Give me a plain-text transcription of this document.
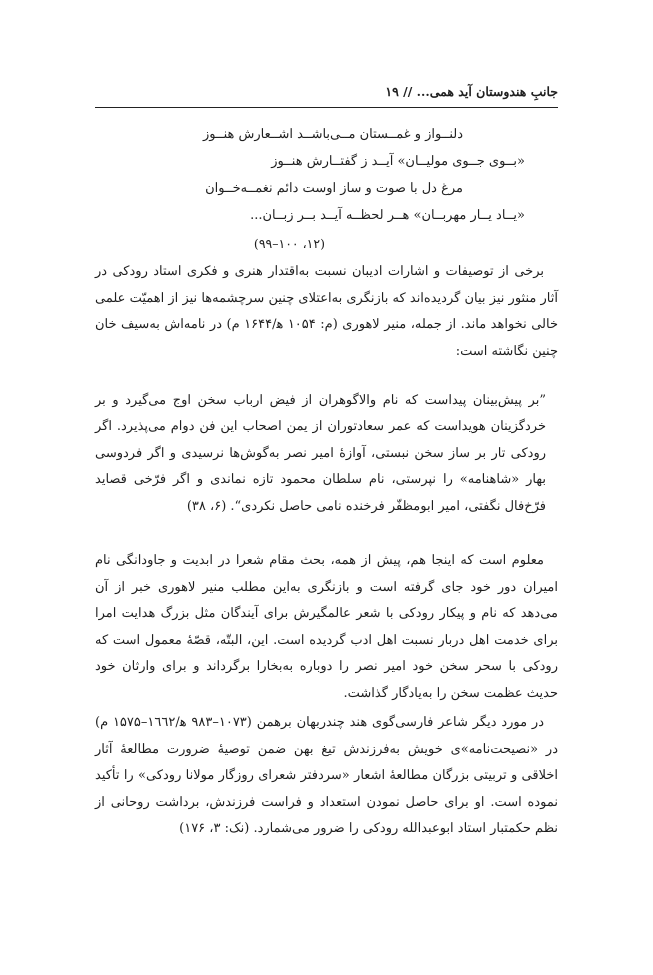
جانبِ هندوستان آید همی... // ۱۹
دلنــواز و غمــستان مــی‌باشــد اشــعارش هنــوز
«بــوی جــوی مولیــان» آیــد ز گفتــارش هنــوز
مرغ دل با صوت و ساز اوست دائم نغمــه‌خــوان
«یــاد یــار مهربــان» هــر لحظــه آیــد بــر زبــان...
(۱۲، ۱۰۰–۹۹)

برخی از توصیفات و اشارات ادیبان نسبت به‌اقتدار هنری و فکری استاد رودکی در آثار منثور نیز بیان گردیده‌اند که بازنگری به‌اعتلای چنین سرچشمه‌ها نیز از اهمیّت علمی خالی نخواهد ماند. از جمله، منیر لاهوری (م: ۱۰۵۴ ه‍/۱۶۴۴ م) در نامه‌اش به‌سیف خان چنین نگاشته است:

”بر پیش‌بینان پیداست که نام والاگوهران از فیض ارباب سخن اوج می‌گیرد و بر خردگزینان هویداست که عمر سعادتوران از یمن اصحاب این فن دوام می‌پذیرد. اگر رودکی تار بر ساز سخن نبستی، آوازهٔ امیر نصر به‌گوش‌ها نرسیدی و اگر فردوسی بهار «شاهنامه» را نپرستی، نام سلطان محمود تازه نماندی و اگر فرّخی قصاید فرّخ‌فال نگفتی، امیر ابومظفّر فرخنده نامی حاصل نکردی“. (۶، ۳۸)

معلوم است که اینجا هم، پیش از همه، بحث مقام شعرا در ابدیت و جاودانگی نام امیران دور خود جای گرفته است و بازنگری به‌این مطلب منیر لاهوری خبر از آن می‌دهد که نام و پیکار رودکی با شعر عالمگیرش برای آیندگان مثل بزرگ هدایت امرا برای خدمت اهل دربار نسبت اهل ادب گردیده است. این، البتّه، قصّهٔ معمول است که رودکی با سحر سخن خود امیر نصر را دوباره به‌بخارا برگرداند و برای وارثان خود حدیث عظمت سخن را به‌یادگار گذاشت.

در مورد دیگر شاعر فارسی‌گوی هند چندربهان برهمن (۱۰۷۳–۹۸۳ ه‍/۱٦٦۲–۱۵۷۵ م) در «نصیحت‌نامه»ی خویش به‌فرزندش تیغ بهن ضمن توصیهٔ ضرورت مطالعهٔ آثار اخلاقی و تربیتی بزرگان مطالعهٔ اشعار «سردفتر شعرای روزگار مولانا رودکی» را تأکید نموده است. او برای حاصل نمودن استعداد و فراست فرزندش، برداشت روحانی از نظم حکمتبار استاد ابوعبدالله رودکی را ضرور می‌شمارد. (نک: ۳، ۱۷۶)
